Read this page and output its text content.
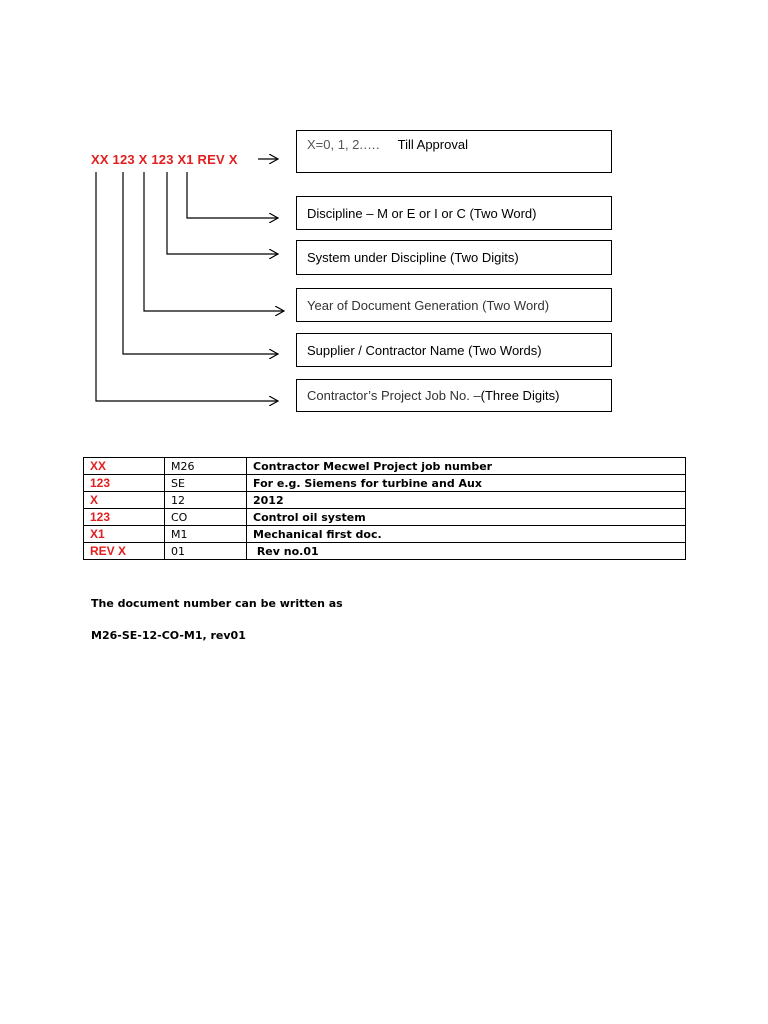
XX 123 X 123 X1 REV X
X=0, 1, 2.…. Till Approval
Discipline – M or E or I or C (Two Word)
System under Discipline (Two Digits)
Year of Document Generation (Two Word)
Supplier / Contractor Name (Two Words)
Contractor’s Project Job No. – (Three Digits)
XX	M26	Contractor Mecwel Project job number
123	SE	For e.g. Siemens for turbine and Aux
X	12	2012
123	CO	Control oil system
X1	M1	Mechanical first doc.
REV X	01	Rev no.01
The document number can be written as
M26-SE-12-CO-M1, rev01
